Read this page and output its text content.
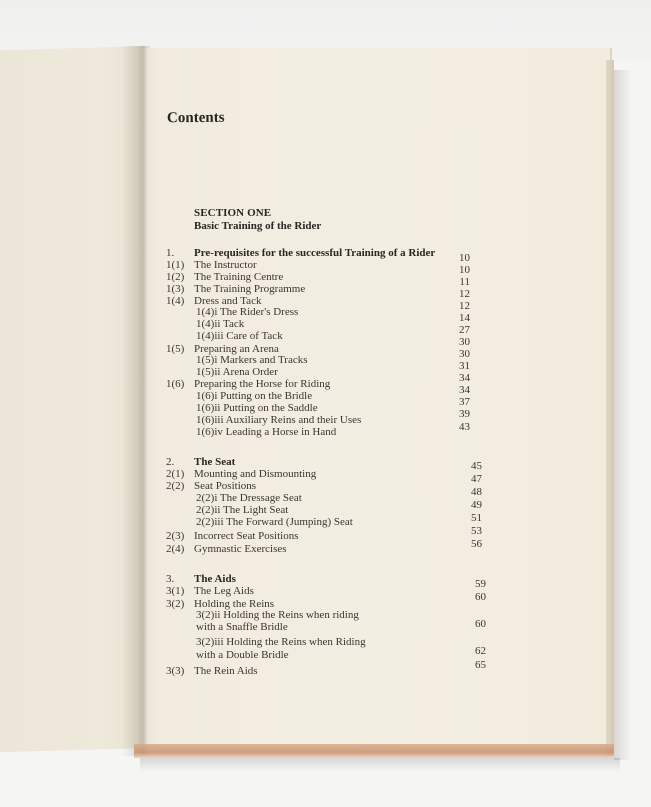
Contents
SECTION ONE
Basic Training of the Rider
1. Pre-requisites for the successful Training of a Rider
1(1) The Instructor
1(2) The Training Centre
1(3) The Training Programme
1(4) Dress and Tack
1(4)i The Rider's Dress
1(4)ii Tack
1(4)iii Care of Tack
1(5) Preparing an Arena
1(5)i Markers and Tracks
1(5)ii Arena Order
1(6) Preparing the Horse for Riding
1(6)i Putting on the Bridle
1(6)ii Putting on the Saddle
1(6)iii Auxiliary Reins and their Uses
1(6)iv Leading a Horse in Hand
2. The Seat
2(1) Mounting and Dismounting
2(2) Seat Positions
2(2)i The Dressage Seat
2(2)ii The Light Seat
2(2)iii The Forward (Jumping) Seat
2(3) Incorrect Seat Positions
2(4) Gymnastic Exercises
3. The Aids
3(1) The Leg Aids
3(2) Holding the Reins
3(2)ii Holding the Reins when riding
with a Snaffle Bridle
3(2)iii Holding the Reins when Riding
with a Double Bridle
3(3) The Rein Aids
10
10
11
12
12
14
27
30
30
31
34
34
37
39
43
45
47
48
49
51
53
56
59
60
60
62
65
